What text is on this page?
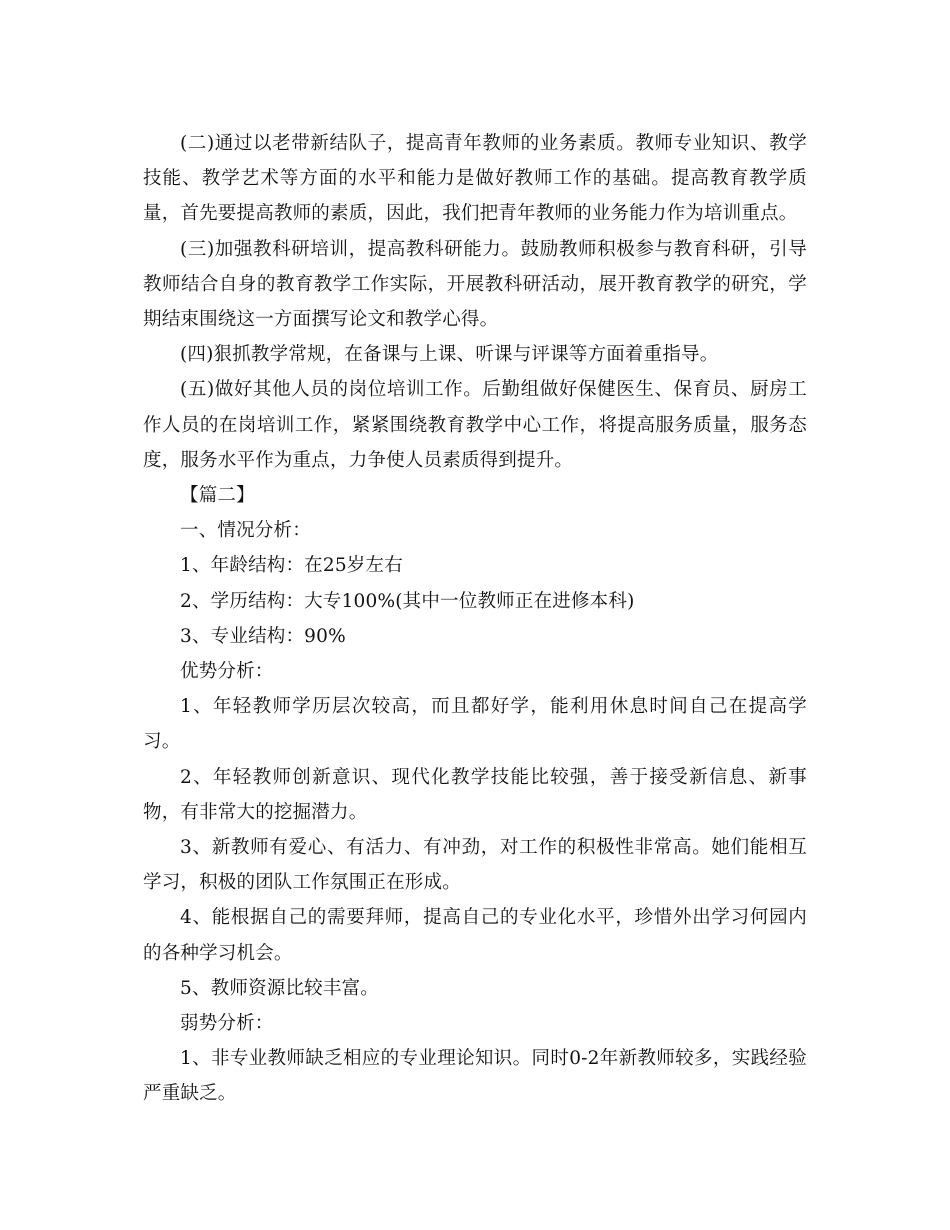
(二)通过以老带新结队子，提高青年教师的业务素质。教师专业知识、教学技能、教学艺术等方面的水平和能力是做好教师工作的基础。提高教育教学质量，首先要提高教师的素质，因此，我们把青年教师的业务能力作为培训重点。

(三)加强教科研培训，提高教科研能力。鼓励教师积极参与教育科研，引导教师结合自身的教育教学工作实际，开展教科研活动，展开教育教学的研究，学期结束围绕这一方面撰写论文和教学心得。

(四)狠抓教学常规，在备课与上课、听课与评课等方面着重指导。

(五)做好其他人员的岗位培训工作。后勤组做好保健医生、保育员、厨房工作人员的在岗培训工作，紧紧围绕教育教学中心工作，将提高服务质量，服务态度，服务水平作为重点，力争使人员素质得到提升。

【篇二】

一、情况分析：

1、年龄结构：在25岁左右

2、学历结构：大专100%(其中一位教师正在进修本科)

3、专业结构：90%

优势分析：

1、年轻教师学历层次较高，而且都好学，能利用休息时间自己在提高学习。

2、年轻教师创新意识、现代化教学技能比较强，善于接受新信息、新事物，有非常大的挖掘潜力。

3、新教师有爱心、有活力、有冲劲，对工作的积极性非常高。她们能相互学习，积极的团队工作氛围正在形成。

4、能根据自己的需要拜师，提高自己的专业化水平，珍惜外出学习何园内的各种学习机会。

5、教师资源比较丰富。

弱势分析：

1、非专业教师缺乏相应的专业理论知识。同时0-2年新教师较多，实践经验严重缺乏。
